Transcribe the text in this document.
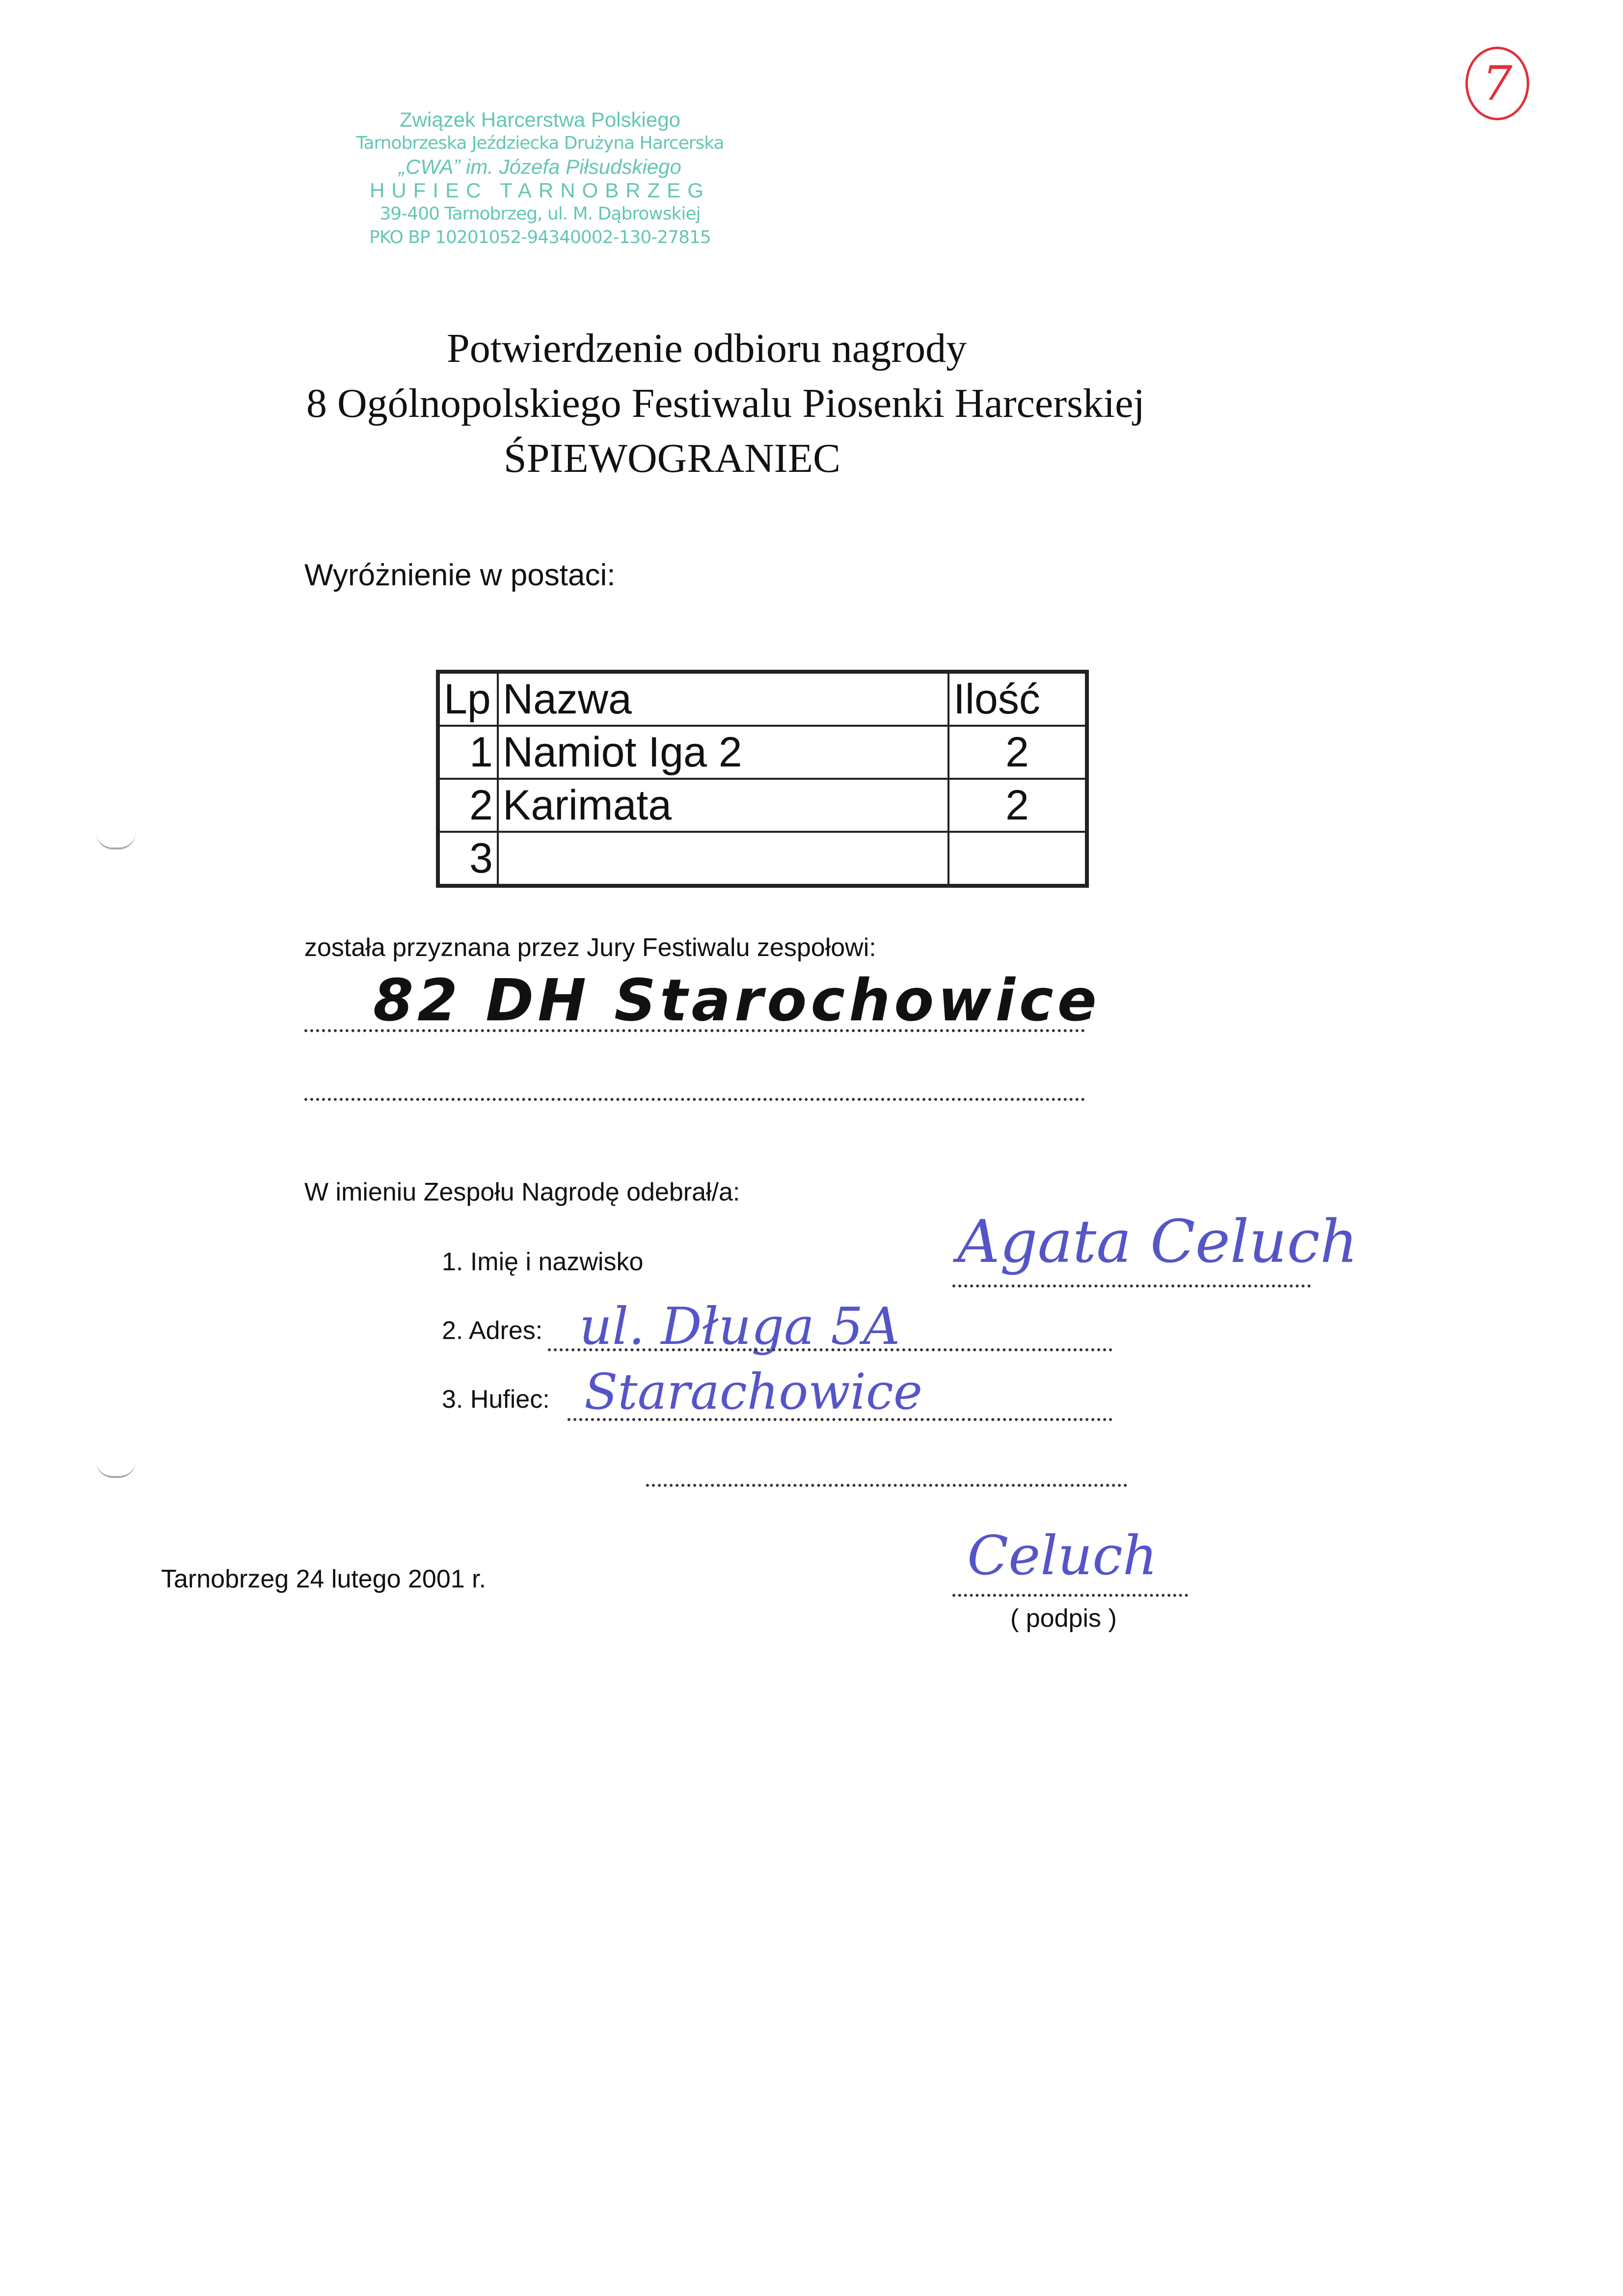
Związek Harcerstwa Polskiego
Tarnobrzeska Jeździecka Drużyna Harcerska
„CWA” im. Józefa Piłsudskiego
HUFIEC TARNOBRZEG
39-400 Tarnobrzeg, ul. M. Dąbrowskiej
PKO BP 10201052-94340002-130-27815
7
Potwierdzenie odbioru nagrody
8 Ogólnopolskiego Festiwalu Piosenki Harcerskiej
ŚPIEWOGRANIEC
Wyróżnienie w postaci:
Lp	Nazwa	Ilość
1	Namiot Iga 2	2
2	Karimata	2
3		
została przyznana przez Jury Festiwalu zespołowi:
82 DH Starochowice
W imieniu Zespołu Nagrodę odebrał/a:
1. Imię i nazwisko	Agata Celuch
2. Adres: ul. Długa 5A
3. Hufiec: Starachowice
Tarnobrzeg 24 lutego 2001 r.	Celuch
( podpis )
